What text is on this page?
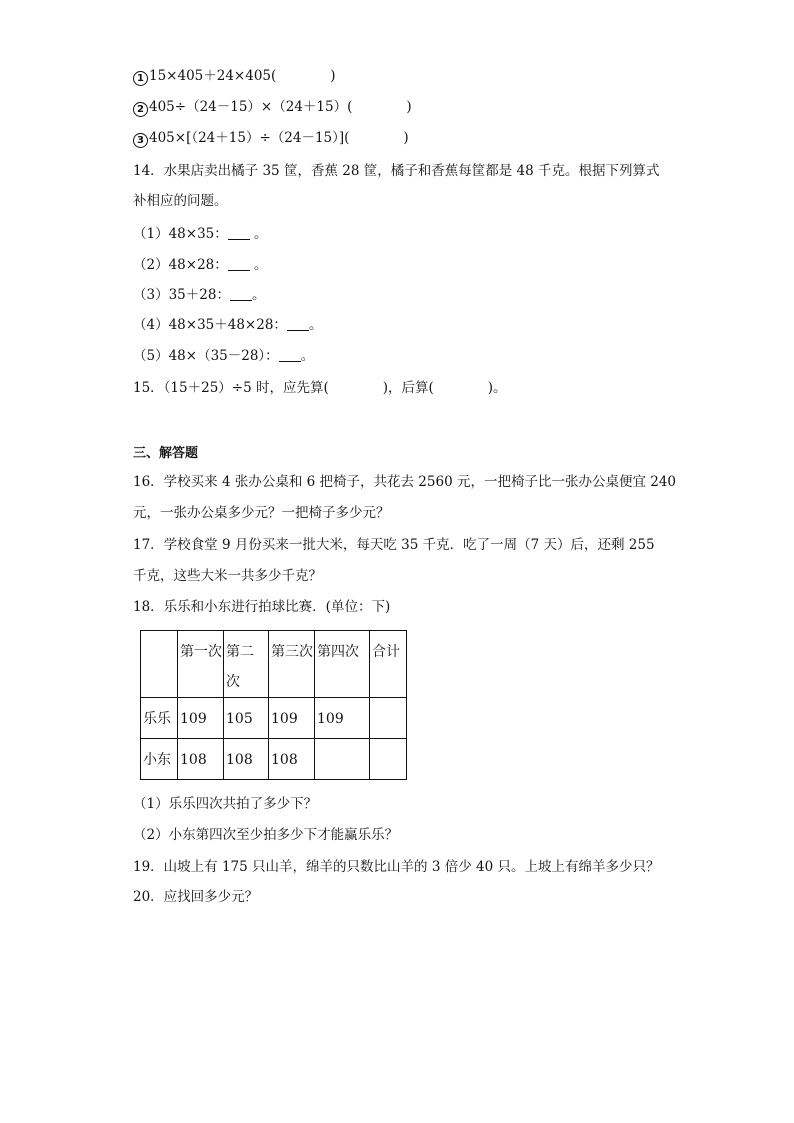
1 15×405＋24×405(　　　　)
2 405÷（24－15）×（24＋15）(　　　　)
3 405×[（24＋15）÷（24－15）](　　　　)
14．水果店卖出橘子 35 筐，香蕉 28 筐，橘子和香蕉每筐都是 48 千克。根据下列算式
补相应的问题。
（1）48×35： 。
（2）48×28： 。
（3）35＋28： 。
（4）48×35＋48×28： 。
（5）48×（35－28）： 。
15．（15＋25）÷5 时，应先算(　　　　)，后算(　　　　)。
三、解答题
16．学校买来 4 张办公桌和 6 把椅子，共花去 2560 元，一把椅子比一张办公桌便宜 240
元，一张办公桌多少元？一把椅子多少元？
17．学校食堂 9 月份买来一批大米，每天吃 35 千克．吃了一周（7 天）后，还剩 255
千克，这些大米一共多少千克？
18．乐乐和小东进行拍球比赛．(单位：下)
	第一次	第二次	第三次	第四次	合计
乐乐	109	105	109	109	
小东	108	108	108		
（1）乐乐四次共拍了多少下？
（2）小东第四次至少拍多少下才能赢乐乐？
19．山坡上有 175 只山羊，绵羊的只数比山羊的 3 倍少 40 只。上坡上有绵羊多少只？
20．应找回多少元？
